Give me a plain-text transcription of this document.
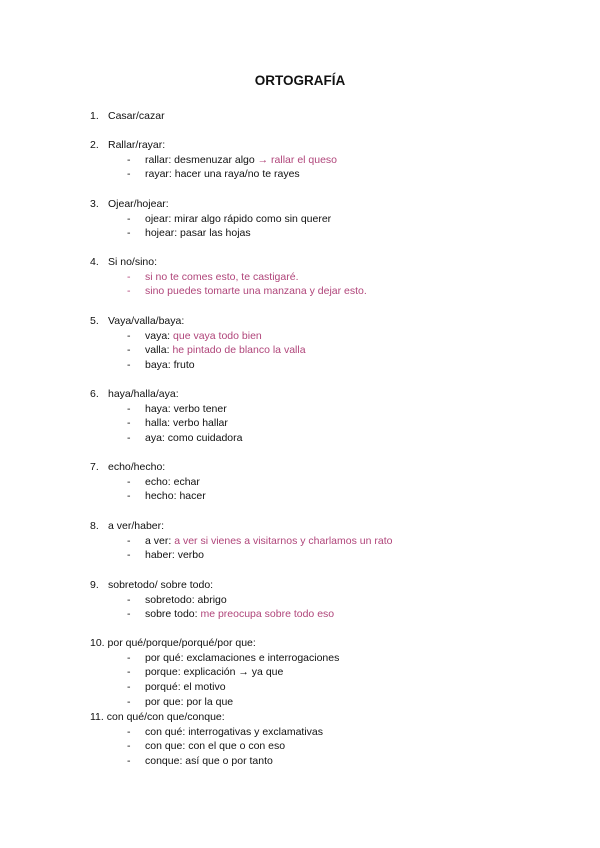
ORTOGRAFÍA
1. Casar/cazar
2. Rallar/rayar:
- rallar: desmenuzar algo → rallar el queso
- rayar: hacer una raya/no te rayes
3. Ojear/hojear:
- ojear: mirar algo rápido como sin querer
- hojear: pasar las hojas
4. Si no/sino:
- si no te comes esto, te castigaré.
- sino puedes tomarte una manzana y dejar esto.
5. Vaya/valla/baya:
- vaya: que vaya todo bien
- valla: he pintado de blanco la valla
- baya: fruto
6. haya/halla/aya:
- haya: verbo tener
- halla: verbo hallar
- aya: como cuidadora
7. echo/hecho:
- echo: echar
- hecho: hacer
8. a ver/haber:
- a ver: a ver si vienes a visitarnos y charlamos un rato
- haber: verbo
9. sobretodo/ sobre todo:
- sobretodo: abrigo
- sobre todo: me preocupa sobre todo eso
10. por qué/porque/porqué/por que:
- por qué: exclamaciones e interrogaciones
- porque: explicación → ya que
- porqué: el motivo
- por que: por la que
11. con qué/con que/conque:
- con qué: interrogativas y exclamativas
- con que: con el que o con eso
- conque: así que o por tanto
